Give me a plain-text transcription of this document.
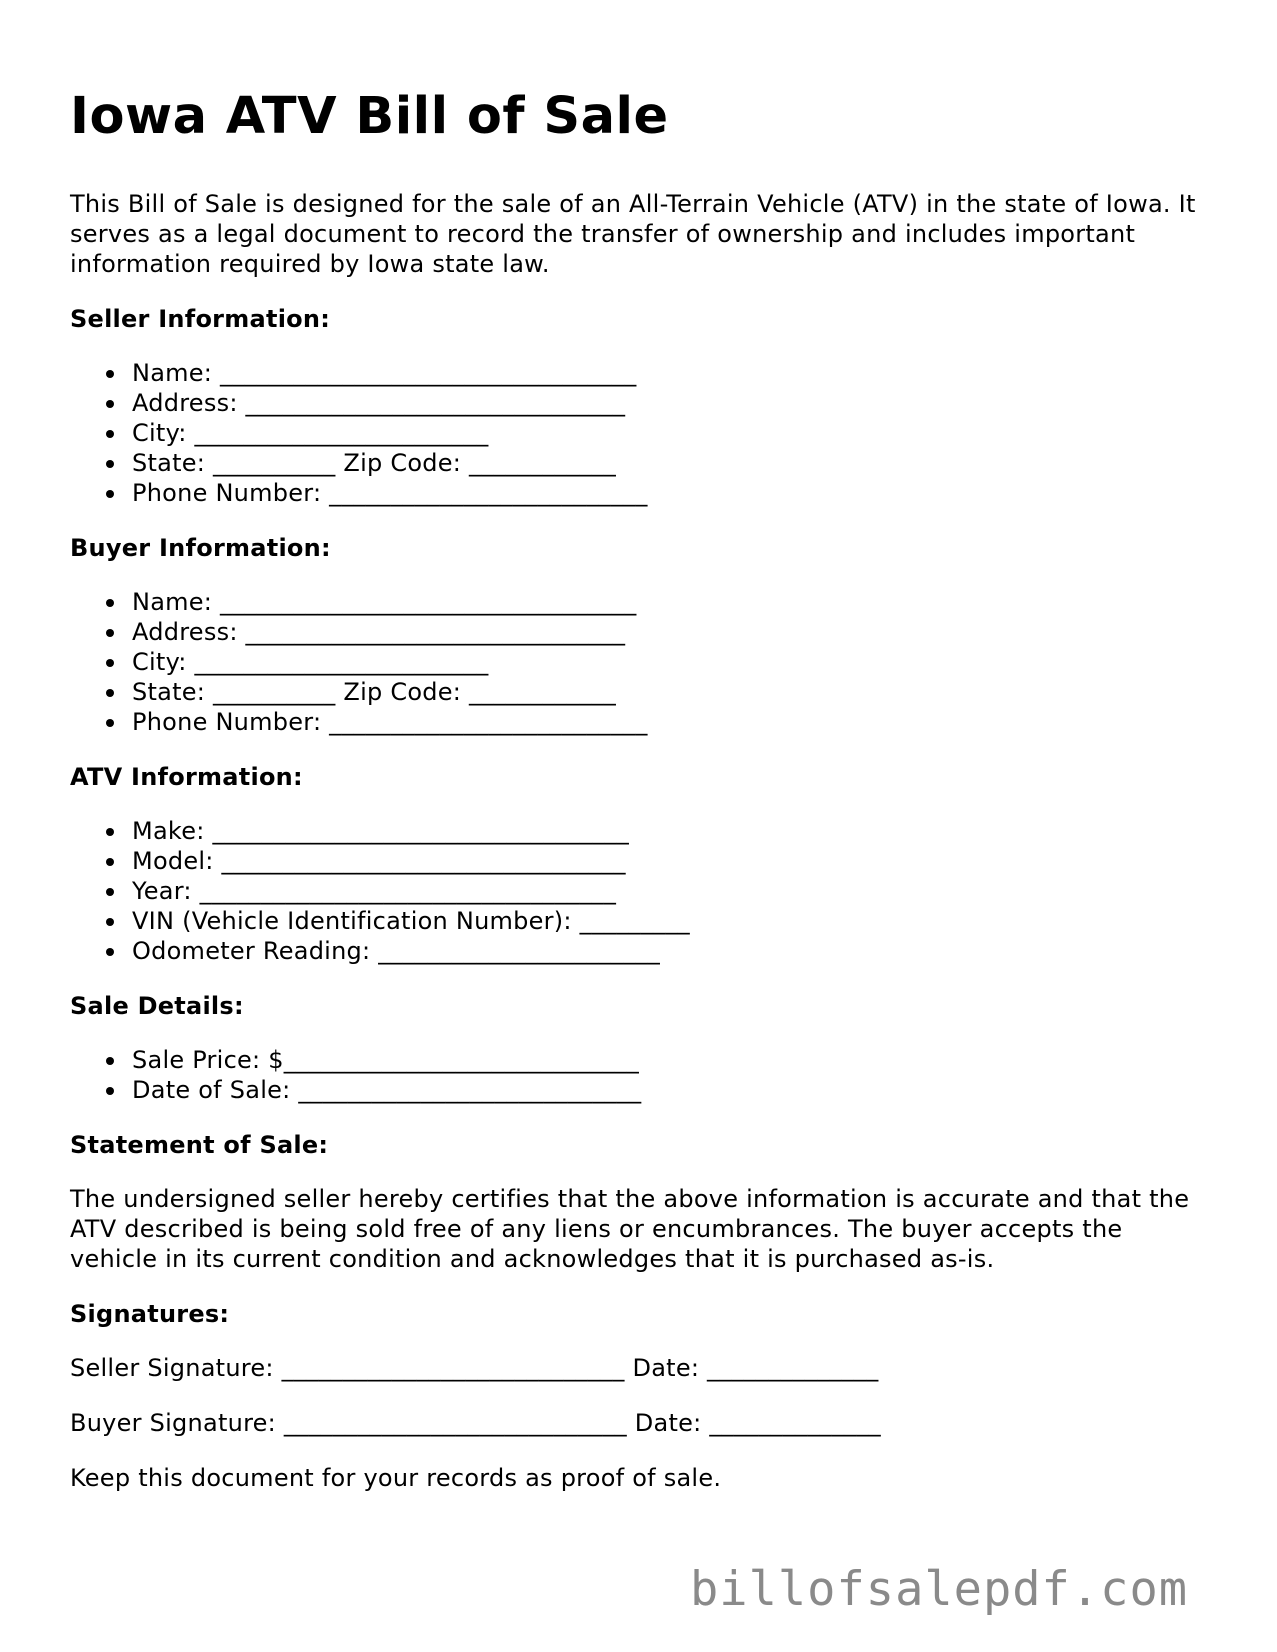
Iowa ATV Bill of Sale

This Bill of Sale is designed for the sale of an All-Terrain Vehicle (ATV) in the state of Iowa. It serves as a legal document to record the transfer of ownership and includes important information required by Iowa state law.

Seller Information:
Name: __________________________________
Address: _______________________________
City: ________________________
State: __________ Zip Code: ____________
Phone Number: __________________________
Buyer Information:
Name: __________________________________
Address: _______________________________
City: ________________________
State: __________ Zip Code: ____________
Phone Number: __________________________
ATV Information:
Make: __________________________________
Model: _________________________________
Year: __________________________________
VIN (Vehicle Identification Number): _________
Odometer Reading: _______________________
Sale Details:
Sale Price: $_____________________________
Date of Sale: ____________________________
Statement of Sale:

The undersigned seller hereby certifies that the above information is accurate and that the ATV described is being sold free of any liens or encumbrances. The buyer accepts the vehicle in its current condition and acknowledges that it is purchased as-is.

Signatures:

Seller Signature: ____________________________ Date: ______________

Buyer Signature: ____________________________ Date: ______________

Keep this document for your records as proof of sale.

billofsalepdf.com
